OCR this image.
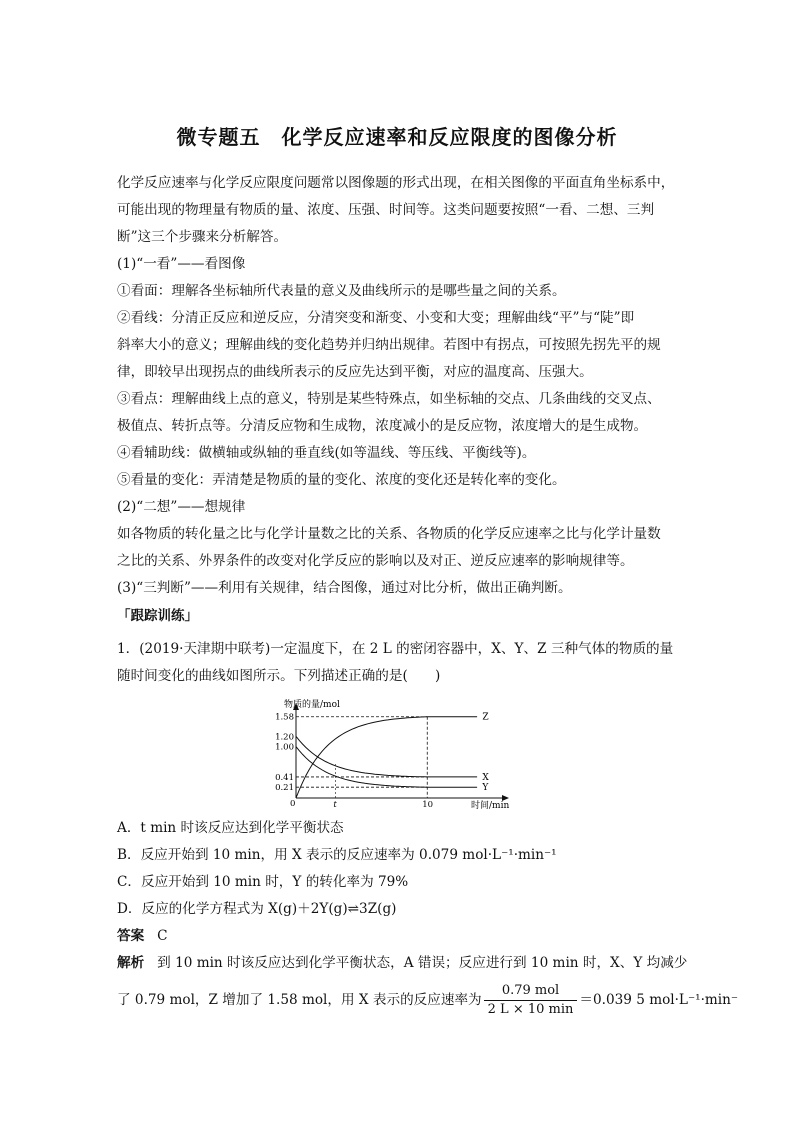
微专题五　化学反应速率和反应限度的图像分析
化学反应速率与化学反应限度问题常以图像题的形式出现，在相关图像的平面直角坐标系中，
可能出现的物理量有物质的量、浓度、压强、时间等。这类问题要按照“一看、二想、三判
断”这三个步骤来分析解答。
(1)“一看”——看图像
①看面：理解各坐标轴所代表量的意义及曲线所示的是哪些量之间的关系。
②看线：分清正反应和逆反应，分清突变和渐变、小变和大变；理解曲线“平”与“陡”即
斜率大小的意义；理解曲线的变化趋势并归纳出规律。若图中有拐点，可按照先拐先平的规
律，即较早出现拐点的曲线所表示的反应先达到平衡，对应的温度高、压强大。
③看点：理解曲线上点的意义，特别是某些特殊点，如坐标轴的交点、几条曲线的交叉点、
极值点、转折点等。分清反应物和生成物，浓度减小的是反应物，浓度增大的是生成物。
④看辅助线：做横轴或纵轴的垂直线(如等温线、等压线、平衡线等)。
⑤看量的变化：弄清楚是物质的量的变化、浓度的变化还是转化率的变化。
(2)“二想”——想规律
如各物质的转化量之比与化学计量数之比的关系、各物质的化学反应速率之比与化学计量数
之比的关系、外界条件的改变对化学反应的影响以及对正、逆反应速率的影响规律等。
(3)“三判断”——利用有关规律，结合图像，通过对比分析，做出正确判断。
「跟踪训练」
1．(2019·天津期中联考)一定温度下，在 2 L 的密闭容器中，X、Y、Z 三种气体的物质的量
随时间变化的曲线如图所示。下列描述正确的是(　　)
物质的量/mol
时间/min
0.21
0.41
1.00
1.20
1.58
0	t	10
Z
X
Y
A．t min 时该反应达到化学平衡状态
B．反应开始到 10 min，用 X 表示的反应速率为 0.079 mol·L⁻¹·min⁻¹
C．反应开始到 10 min 时，Y 的转化率为 79%
D．反应的化学方程式为 X(g)＋2Y(g)⇌3Z(g)
答案 C
解析 到 10 min 时该反应达到化学平衡状态，A 错误；反应进行到 10 min 时，X、Y 均减少
了 0.79 mol，Z 增加了 1.58 mol，用 X 表示的反应速率为 $\frac{\text{0.79 mol}}{2 L \times 10 \min} =0.039$ 5 mol·L⁻¹·min⁻
